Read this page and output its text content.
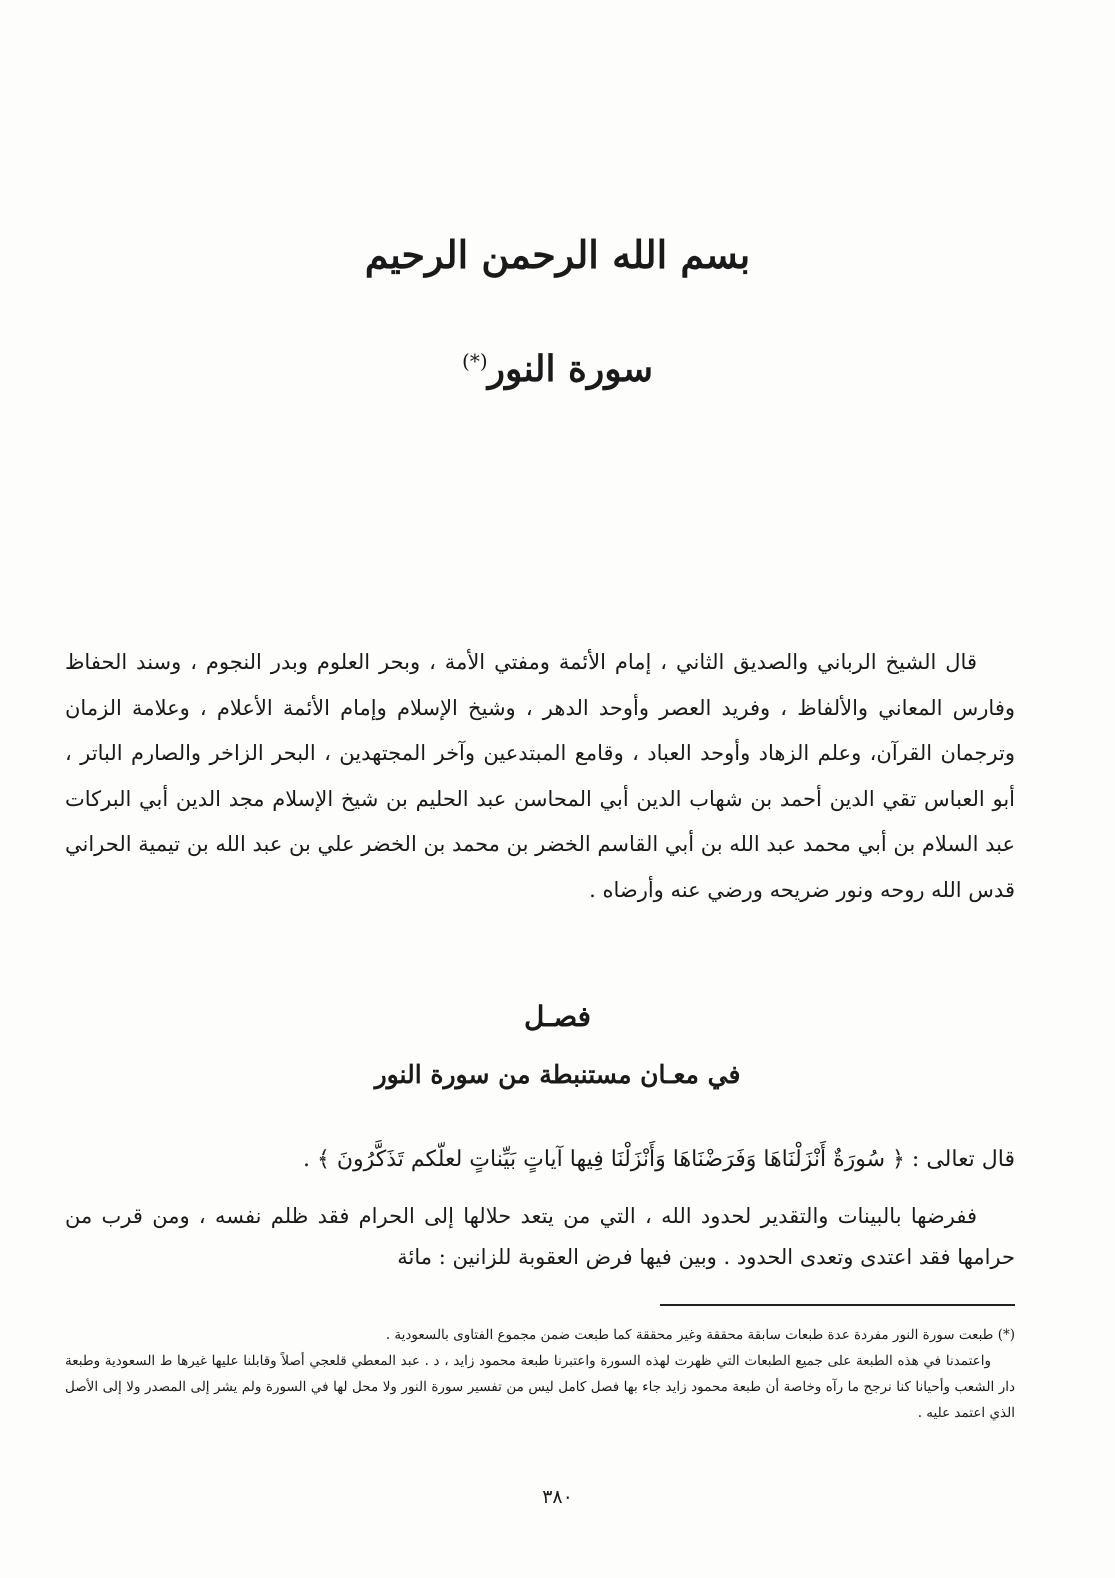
بسم الله الرحمن الرحيم
سورة النور(*)
قال الشيخ الرباني والصديق الثاني ، إمام الأئمة ومفتي الأمة ، وبحر العلوم وبدر النجوم ، وسند الحفاظ وفارس المعاني والألفاظ ، وفريد العصر وأوحد الدهر ، وشيخ الإسلام وإمام الأئمة الأعلام ، وعلامة الزمان وترجمان القرآن، وعلم الزهاد وأوحد العباد ، وقامع المبتدعين وآخر المجتهدين ، البحر الزاخر والصارم الباتر ، أبو العباس تقي الدين أحمد بن شهاب الدين أبي المحاسن عبد الحليم بن شيخ الإسلام مجد الدين أبي البركات عبد السلام بن أبي محمد عبد الله بن أبي القاسم الخضر بن محمد بن الخضر علي بن عبد الله بن تيمية الحراني قدس الله روحه ونور ضريحه ورضي عنه وأرضاه .
فصـل
في معـان مستنبطة من سورة النور
قال تعالى : ﴿ سُورَةٌ أَنْزَلْنَاهَا وَفَرَضْنَاهَا وَأَنْزَلْنَا فِيها آياتٍ بَيِّناتٍ لعلّكم تَذَكَّرُونَ ﴾ .
ففرضها بالبينات والتقدير لحدود الله ، التي من يتعد حلالها إلى الحرام فقد ظلم نفسه ، ومن قرب من حرامها فقد اعتدى وتعدى الحدود . وبين فيها فرض العقوبة للزانين : مائة

(*) طبعت سورة النور مفردة عدة طبعات سابقة محققة وغير محققة كما طبعت ضمن مجموع الفتاوى بالسعودية .

واعتمدنا في هذه الطبعة على جميع الطبعات التي ظهرت لهذه السورة واعتبرنا طبعة محمود زايد ، د . عبد المعطي قلعجي أصلاً وقابلنا عليها غيرها ط السعودية وطبعة دار الشعب وأحيانا كنا نرجح ما رآه وخاصة أن طبعة محمود زايد جاء بها فصل كامل ليس من تفسير سورة النور ولا محل لها في السورة ولم يشر إلى المصدر ولا إلى الأصل الذي اعتمد عليه .

٣٨٠
